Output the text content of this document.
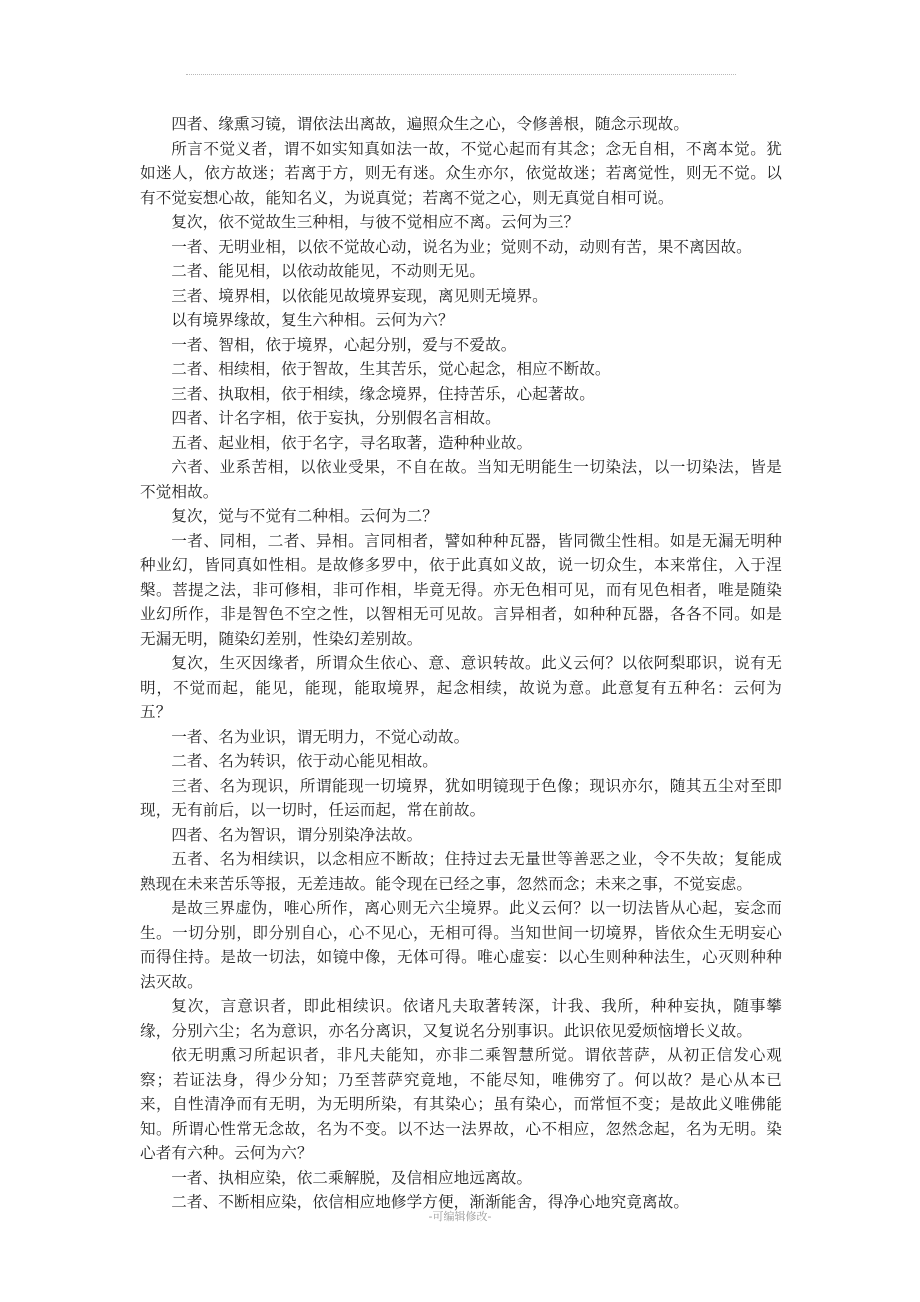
四者、缘熏习镜，谓依法出离故，遍照众生之心，令修善根，随念示现故。

所言不觉义者，谓不如实知真如法一故，不觉心起而有其念；念无自相，不离本觉。犹如迷人，依方故迷；若离于方，则无有迷。众生亦尔，依觉故迷；若离觉性，则无不觉。以有不觉妄想心故，能知名义，为说真觉；若离不觉之心，则无真觉自相可说。

复次，依不觉故生三种相，与彼不觉相应不离。云何为三？

一者、无明业相，以依不觉故心动，说名为业；觉则不动，动则有苦，果不离因故。

二者、能见相，以依动故能见，不动则无见。

三者、境界相，以依能见故境界妄现，离见则无境界。

以有境界缘故，复生六种相。云何为六？

一者、智相，依于境界，心起分别，爱与不爱故。

二者、相续相，依于智故，生其苦乐，觉心起念，相应不断故。

三者、执取相，依于相续，缘念境界，住持苦乐，心起著故。

四者、计名字相，依于妄执，分别假名言相故。

五者、起业相，依于名字，寻名取著，造种种业故。

六者、业系苦相，以依业受果，不自在故。当知无明能生一切染法，以一切染法，皆是不觉相故。

复次，觉与不觉有二种相。云何为二？

一者、同相，二者、异相。言同相者，譬如种种瓦器，皆同微尘性相。如是无漏无明种种业幻，皆同真如性相。是故修多罗中，依于此真如义故，说一切众生，本来常住，入于涅槃。菩提之法，非可修相，非可作相，毕竟无得。亦无色相可见，而有见色相者，唯是随染业幻所作，非是智色不空之性，以智相无可见故。言异相者，如种种瓦器，各各不同。如是无漏无明，随染幻差别，性染幻差别故。

复次，生灭因缘者，所谓众生依心、意、意识转故。此义云何？以依阿梨耶识，说有无明，不觉而起，能见，能现，能取境界，起念相续，故说为意。此意复有五种名：云何为五？

一者、名为业识，谓无明力，不觉心动故。

二者、名为转识，依于动心能见相故。

三者、名为现识，所谓能现一切境界，犹如明镜现于色像；现识亦尔，随其五尘对至即现，无有前后，以一切时，任运而起，常在前故。

四者、名为智识，谓分别染净法故。

五者、名为相续识，以念相应不断故；住持过去无量世等善恶之业，令不失故；复能成熟现在未来苦乐等报，无差违故。能令现在已经之事，忽然而念；未来之事，不觉妄虑。

是故三界虚伪，唯心所作，离心则无六尘境界。此义云何？以一切法皆从心起，妄念而生。一切分别，即分别自心，心不见心，无相可得。当知世间一切境界，皆依众生无明妄心而得住持。是故一切法，如镜中像，无体可得。唯心虚妄：以心生则种种法生，心灭则种种法灭故。

复次，言意识者，即此相续识。依诸凡夫取著转深，计我、我所，种种妄执，随事攀缘，分别六尘；名为意识，亦名分离识，又复说名分别事识。此识依见爱烦恼增长义故。

依无明熏习所起识者，非凡夫能知，亦非二乘智慧所觉。谓依菩萨，从初正信发心观察；若证法身，得少分知；乃至菩萨究竟地，不能尽知，唯佛穷了。何以故？是心从本已来，自性清净而有无明，为无明所染，有其染心；虽有染心，而常恒不变；是故此义唯佛能知。所谓心性常无念故，名为不变。以不达一法界故，心不相应，忽然念起，名为无明。染心者有六种。云何为六？

一者、执相应染，依二乘解脱，及信相应地远离故。

二者、不断相应染，依信相应地修学方便，渐渐能舍，得净心地究竟离故。

-可编辑修改-
